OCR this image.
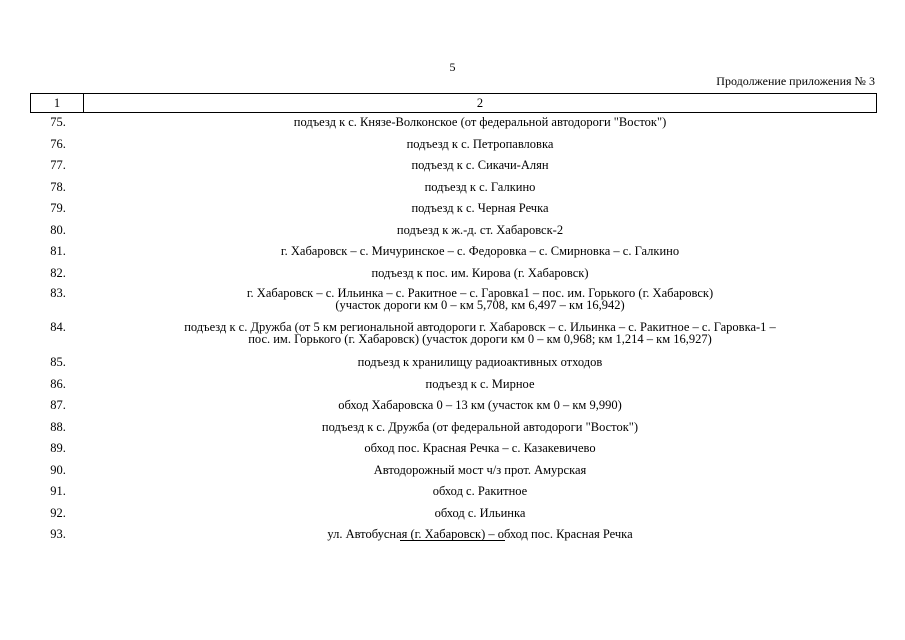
5
Продолжение приложения № 3
1	2
75.	подъезд к с. Князе-Волконское (от федеральной автодороги "Восток")

76.	подъезд к с. Петропавловка

77.	подъезд к с. Сикачи-Алян

78.	подъезд к с. Галкино

79.	подъезд к с. Черная Речка

80.	подъезд к ж.-д. ст. Хабаровск-2

81.	г. Хабаровск – с. Мичуринское – с. Федоровка – с. Смирновка – с. Галкино

82.	подъезд к пос. им. Кирова (г. Хабаровск)

83.	г. Хабаровск – с. Ильинка – с. Ракитное – с. Гаровка1 – пос. им. Горького (г. Хабаровск)
(участок дороги км 0 – км 5,708, км 6,497 – км 16,942)

84.	подъезд к с. Дружба (от 5 км региональной автодороги г. Хабаровск – с. Ильинка – с. Ракитное – с. Гаровка-1 –
пос. им. Горького (г. Хабаровск) (участок дороги км 0 – км 0,968; км 1,214 – км 16,927)

85.	подъезд к хранилищу радиоактивных отходов

86.	подъезд к с. Мирное

87.	обход Хабаровска 0 – 13 км (участок км 0 – км 9,990)

88.	подъезд к с. Дружба (от федеральной автодороги "Восток")

89.	обход пос. Красная Речка – с. Казакевичево

90.	Автодорожный мост ч/з прот. Амурская

91.	обход с. Ракитное

92.	обход с. Ильинка

93.	ул. Автобусная (г. Хабаровск) – обход пос. Красная Речка
